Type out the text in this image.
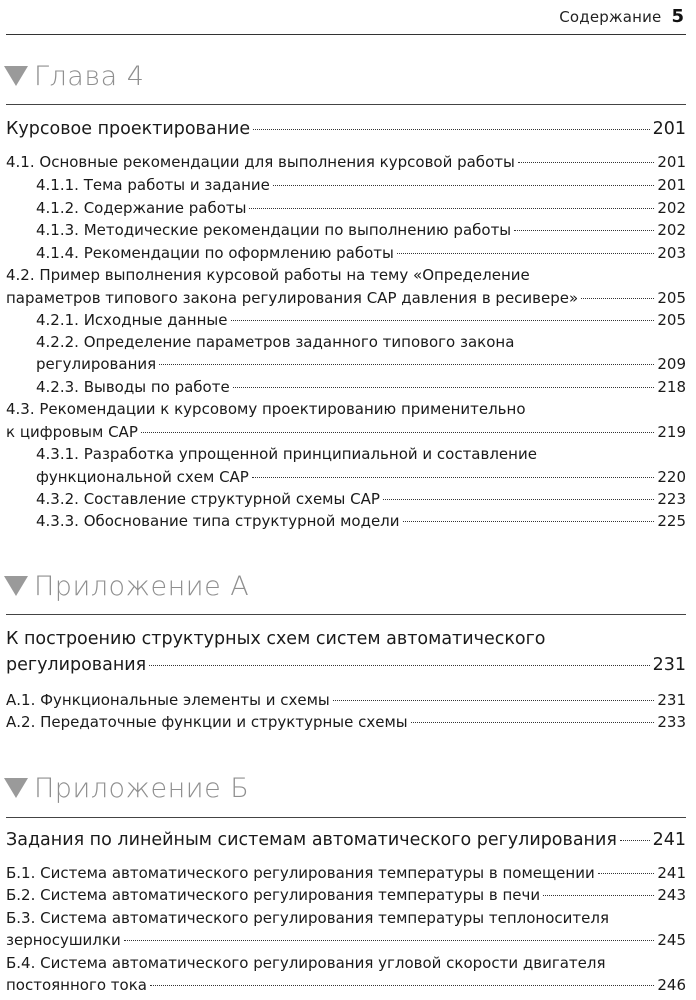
Содержание 5
Глава 4
Курсовое проектирование	201
4.1. Основные рекомендации для выполнения курсовой работы	201
4.1.1. Тема работы и задание	201
4.1.2. Содержание работы	202
4.1.3. Методические рекомендации по выполнению работы	202
4.1.4. Рекомендации по оформлению работы	203
4.2. Пример выполнения курсовой работы на тему «Определение
параметров типового закона регулирования САР давления в ресивере»	205
4.2.1. Исходные данные	205
4.2.2. Определение параметров заданного типового закона
регулирования	209
4.2.3. Выводы по работе	218
4.3. Рекомендации к курсовому проектированию применительно
к цифровым САР	219
4.3.1. Разработка упрощенной принципиальной и составление
функциональной схем САР	220
4.3.2. Составление структурной схемы САР	223
4.3.3. Обоснование типа структурной модели	225
Приложение А
К построению структурных схем систем автоматического
регулирования	231
А.1. Функциональные элементы и схемы	231
А.2. Передаточные функции и структурные схемы	233
Приложение Б
Задания по линейным системам автоматического регулирования 241
Б.1. Система автоматического регулирования температуры в помещении	241
Б.2. Система автоматического регулирования температуры в печи	243
Б.3. Система автоматического регулирования температуры теплоносителя
зерносушилки	245
Б.4. Система автоматического регулирования угловой скорости двигателя
постоянного тока	246
